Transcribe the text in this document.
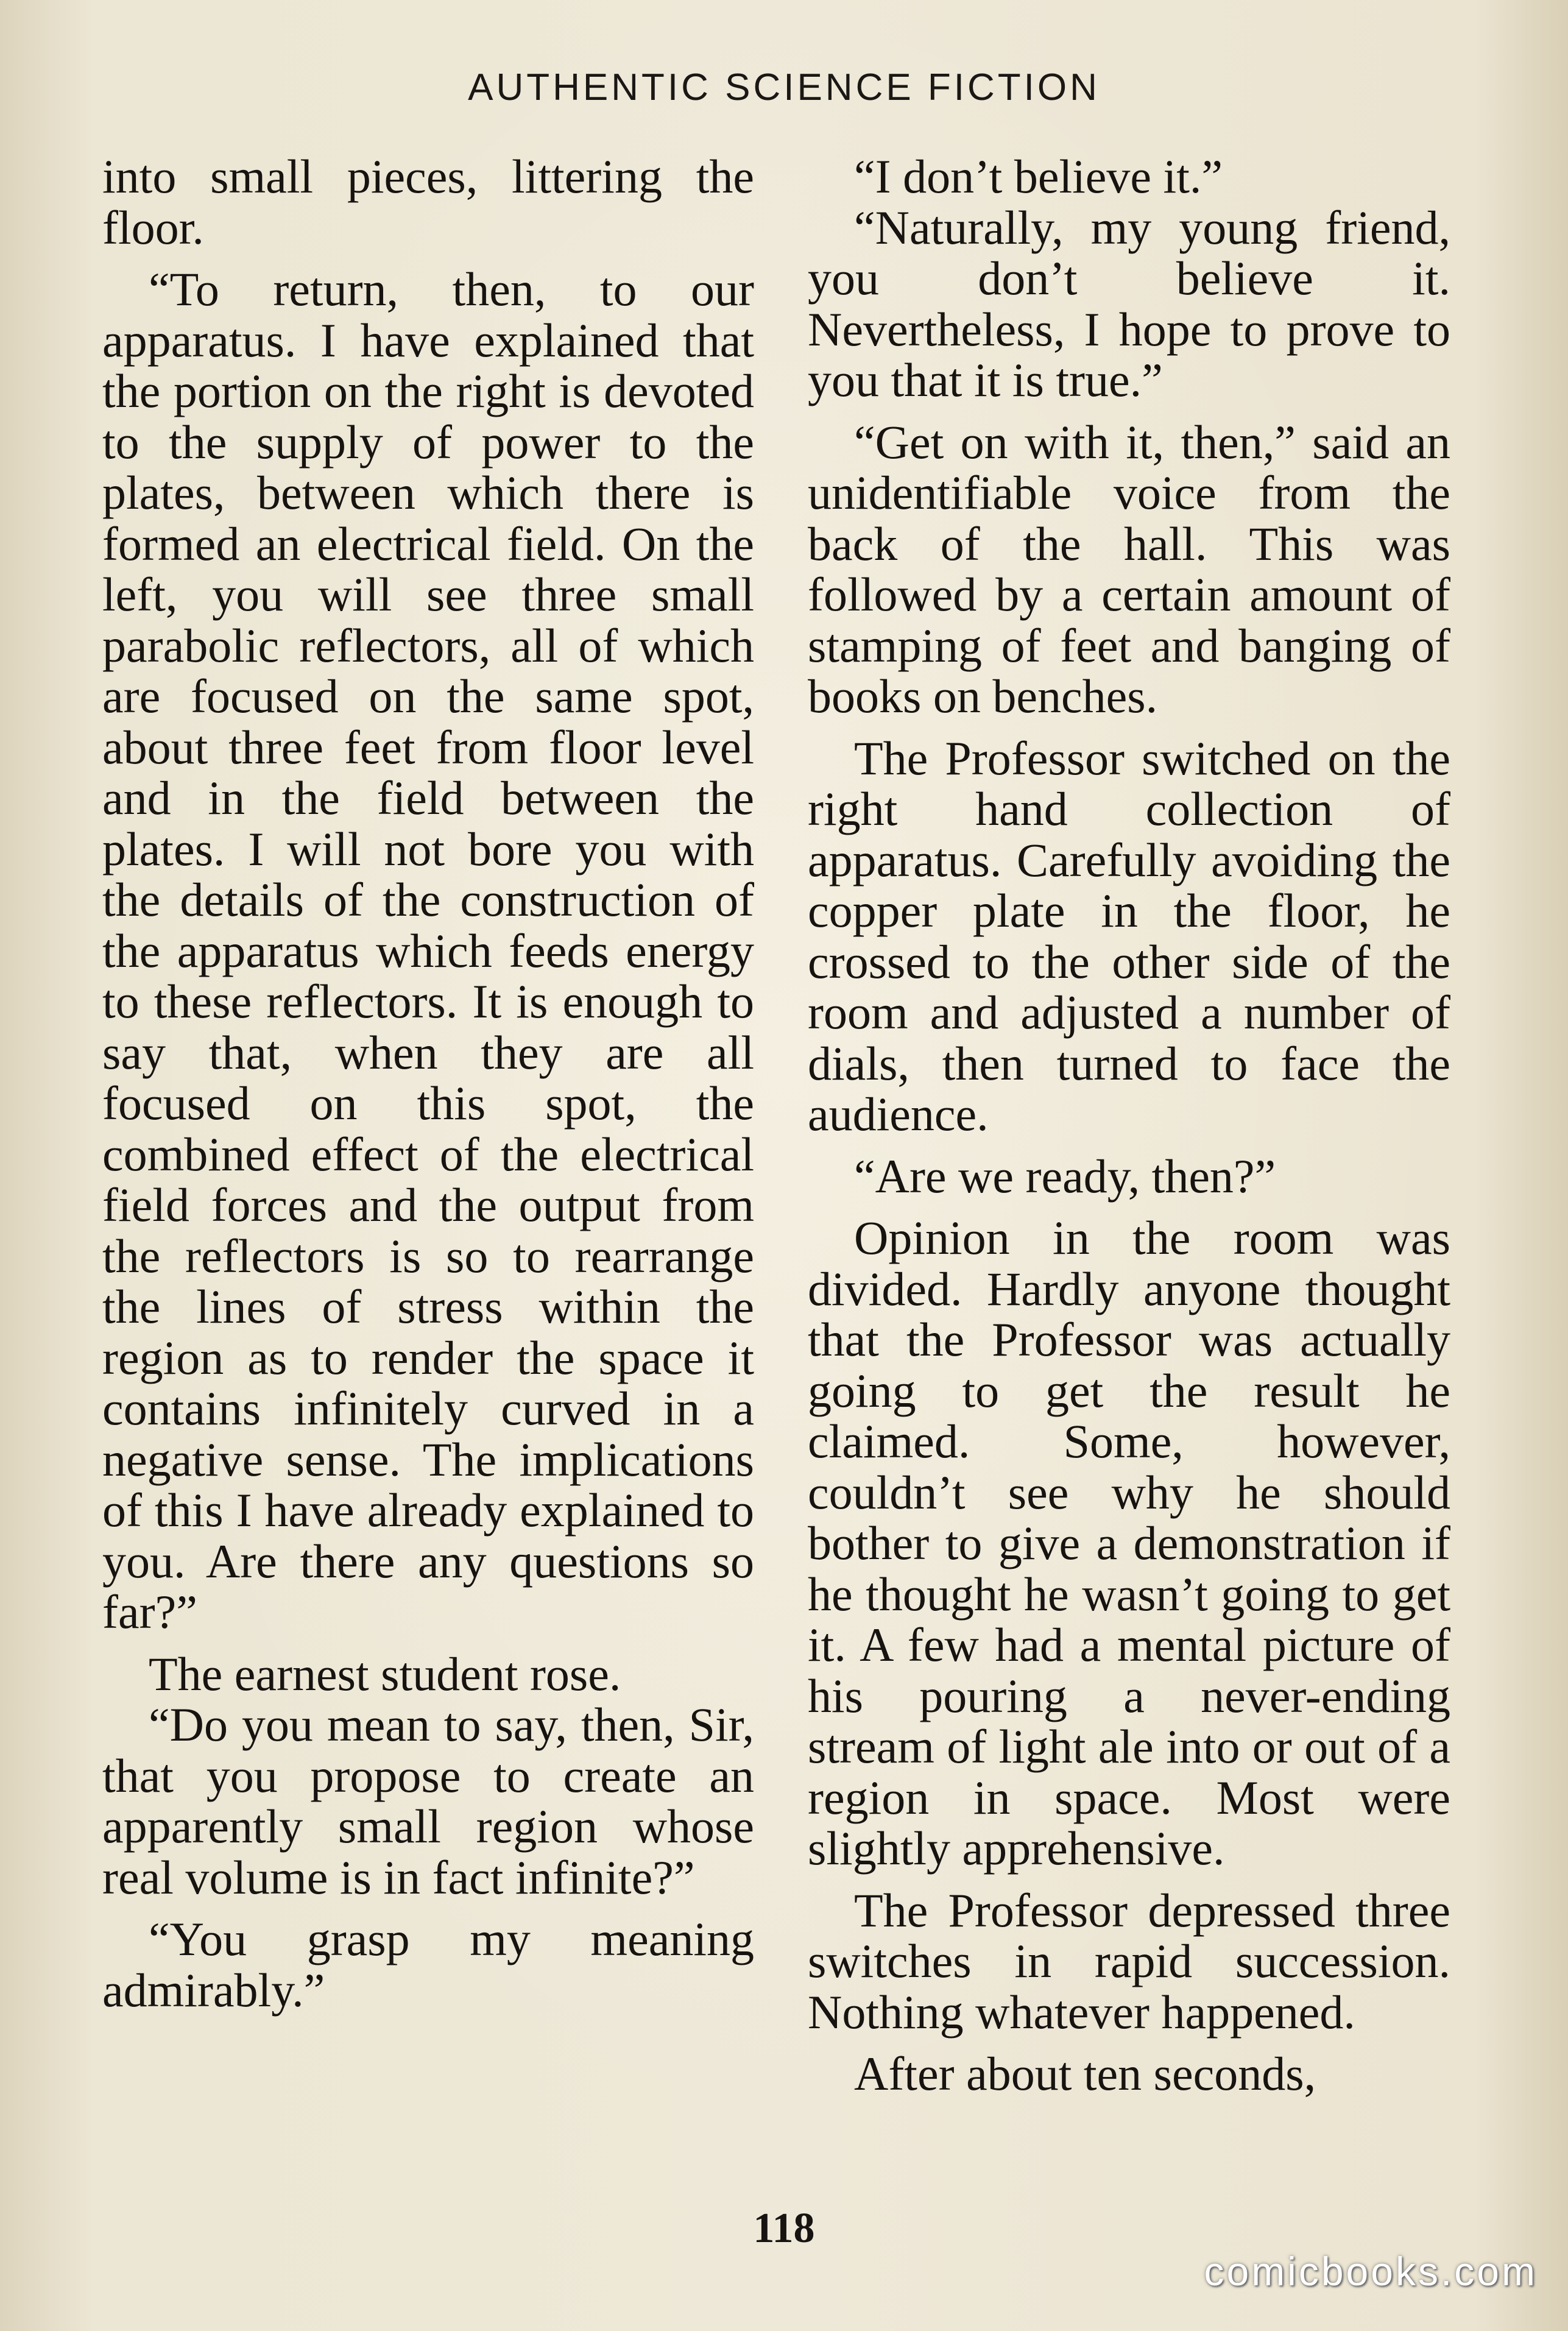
AUTHENTIC SCIENCE FICTION

into small pieces, littering the floor.

“To return, then, to our apparatus. I have explained that the portion on the right is devoted to the supply of power to the plates, between which there is formed an electrical field. On the left, you will see three small parabolic reflectors, all of which are focused on the same spot, about three feet from floor level and in the field between the plates. I will not bore you with the details of the construction of the apparatus which feeds energy to these reflectors. It is enough to say that, when they are all focused on this spot, the combined effect of the electrical field forces and the output from the reflectors is so to rearrange the lines of stress within the region as to render the space it contains infinitely curved in a negative sense. The implications of this I have already explained to you. Are there any questions so far?”

The earnest student rose.

“Do you mean to say, then, Sir, that you propose to create an apparently small region whose real volume is in fact infinite?”

“You grasp my meaning admirably.”

“I don’t believe it.”

“Naturally, my young friend, you don’t believe it. Nevertheless, I hope to prove to you that it is true.”

“Get on with it, then,” said an unidentifiable voice from the back of the hall. This was followed by a certain amount of stamping of feet and banging of books on benches.

The Professor switched on the right hand collection of apparatus. Carefully avoiding the copper plate in the floor, he crossed to the other side of the room and adjusted a number of dials, then turned to face the audience.

“Are we ready, then?”

Opinion in the room was divided. Hardly anyone thought that the Professor was actually going to get the result he claimed. Some, however, couldn’t see why he should bother to give a demonstration if he thought he wasn’t going to get it. A few had a mental picture of his pouring a never-ending stream of light ale into or out of a region in space. Most were slightly apprehensive.

The Professor depressed three switches in rapid succession. Nothing whatever happened.

After about ten seconds,

118
comicbooks.com
